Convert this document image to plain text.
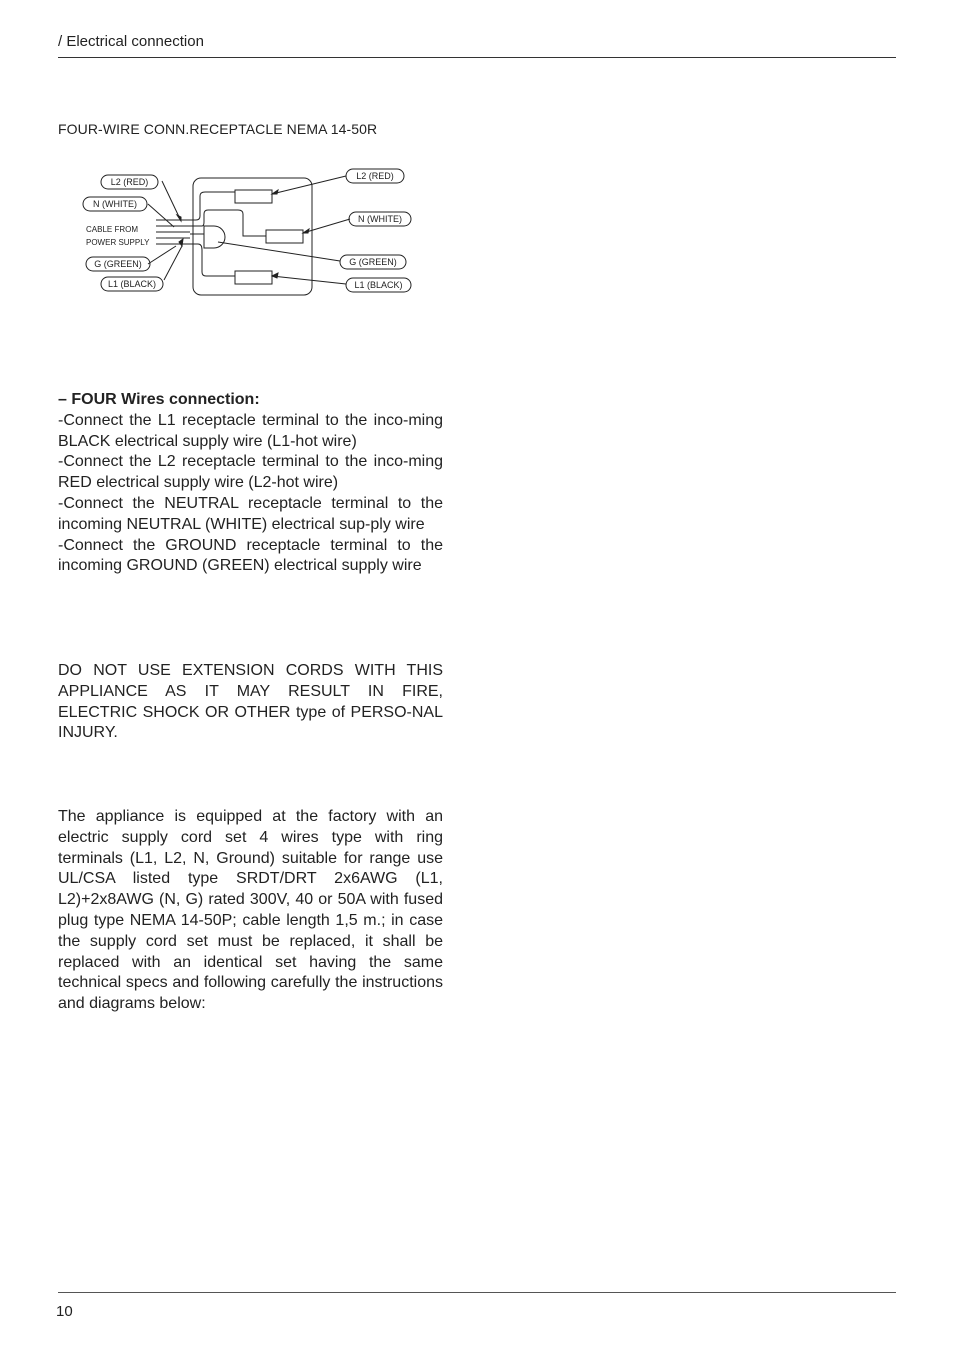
/ Electrical connection
FOUR-WIRE CONN.RECEPTACLE NEMA 14-50R
L2 (RED)
N (WHITE)
G (GREEN)
L1 (BLACK)
CABLE FROM
POWER SUPPLY
L2 (RED)
N (WHITE)
G (GREEN)
L1 (BLACK)

– FOUR Wires connection:

-Connect the L1 receptacle terminal to the inco-ming BLACK electrical supply wire (L1-hot wire)

-Connect the L2 receptacle terminal to the inco-ming RED electrical supply wire (L2-hot wire)

-Connect the NEUTRAL receptacle terminal to the incoming NEUTRAL (WHITE) electrical sup-ply wire

-Connect the GROUND receptacle terminal to the incoming GROUND (GREEN) electrical supply wire

DO NOT USE EXTENSION CORDS WITH THIS APPLIANCE AS IT MAY RESULT IN FIRE, ELECTRIC SHOCK OR OTHER type of PERSO-NAL INJURY.
The appliance is equipped at the factory with an electric supply cord set 4 wires type with ring terminals (L1, L2, N, Ground) suitable for range use UL/CSA listed type SRDT/DRT 2x6AWG (L1, L2)+2x8AWG (N, G) rated 300V, 40 or 50A with fused plug type NEMA 14-50P; cable length 1,5 m.; in case the supply cord set must be replaced, it shall be replaced with an identical set having the same technical specs and following carefully the instructions and diagrams below:
10
